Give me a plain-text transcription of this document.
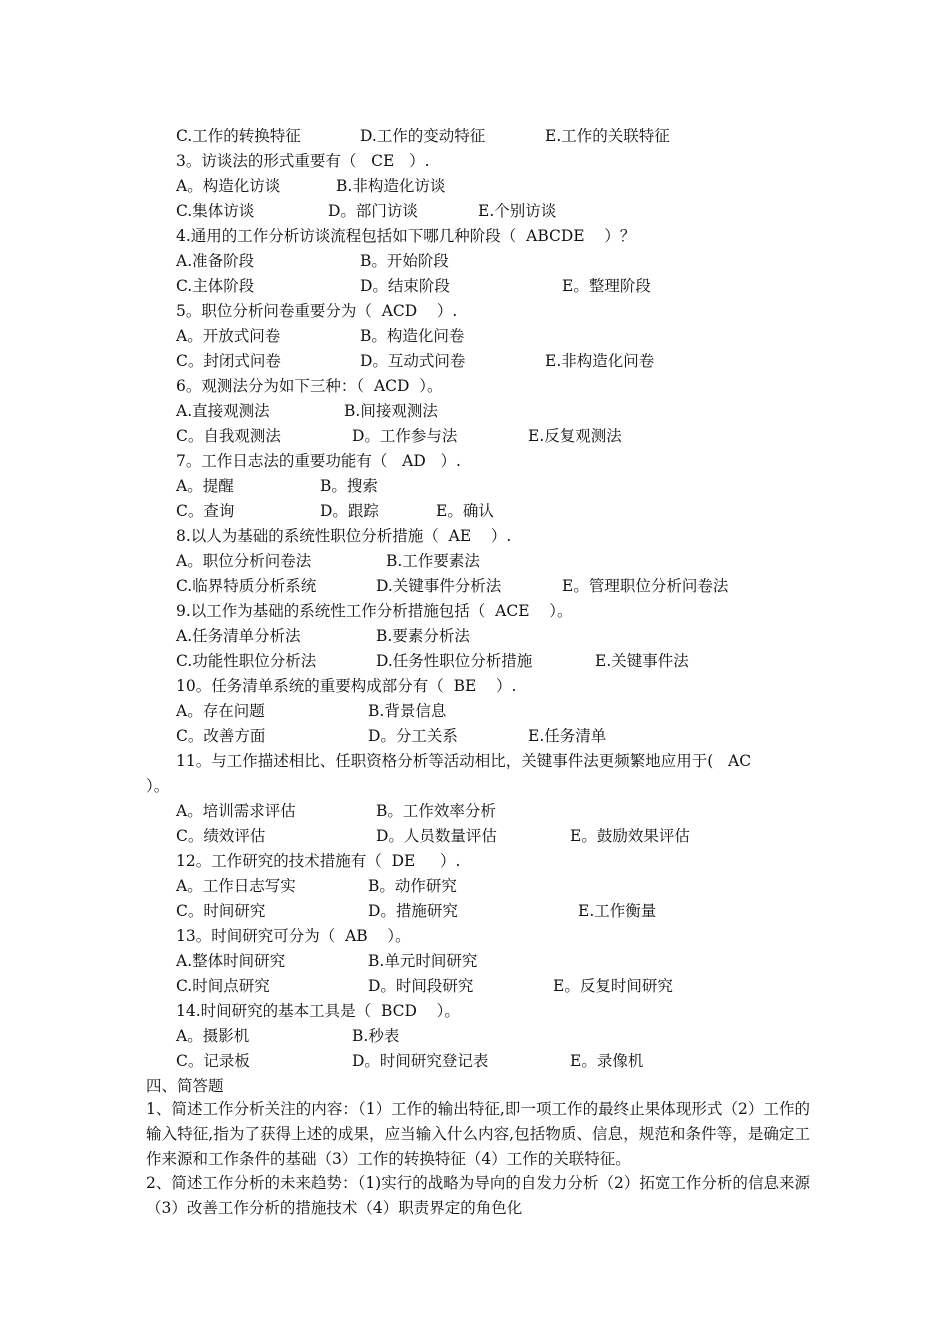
C.工作的转换特征	D.工作的变动特征	E.工作的关联特征
3。访谈法的形式重要有（   CE   ）.
A。构造化访谈	B.非构造化访谈
C.集体访谈	D。部门访谈	E.个别访谈
4.通用的工作分析访谈流程包括如下哪几种阶段（  ABCDE    ）？
A.准备阶段	B。开始阶段
C.主体阶段	D。结束阶段	E。整理阶段
5。职位分析问卷重要分为（  ACD    ）.
A。开放式问卷	B。构造化问卷
C。封闭式问卷	D。互动式问卷	E.非构造化问卷
6。观测法分为如下三种：（  ACD  ）。
A.直接观测法	B.间接观测法
C。自我观测法	D。工作参与法	E.反复观测法
7。工作日志法的重要功能有（   AD   ）.
A。提醒	B。搜索
C。查询	D。跟踪	E。确认
8.以人为基础的系统性职位分析措施（  AE    ）.
A。职位分析问卷法	B.工作要素法
C.临界特质分析系统	D.关键事件分析法	E。管理职位分析问卷法
9.以工作为基础的系统性工作分析措施包括（  ACE    ）。
A.任务清单分析法	B.要素分析法
C.功能性职位分析法	D.任务性职位分析措施	E.关键事件法
10。任务清单系统的重要构成部分有（  BE    ）.
A。存在问题	B.背景信息
C。改善方面	D。分工关系	E.任务清单
11。与工作描述相比、任职资格分析等活动相比，关键事件法更频繁地应用于(   AC
）。
A。培训需求评估	B。工作效率分析
C。绩效评估	D。人员数量评估	E。鼓励效果评估
12。工作研究的技术措施有（  DE     ）.
A。工作日志写实	B。动作研究
C。时间研究	D。措施研究	E.工作衡量
13。时间研究可分为（  AB    ）。
A.整体时间研究	B.单元时间研究
C.时间点研究	D。时间段研究	E。反复时间研究
14.时间研究的基本工具是（  BCD    ）。
A。摄影机	B.秒表
C。记录板	D。时间研究登记表	E。录像机
四、简答题
1、简述工作分析关注的内容：（1）工作的输出特征,即一项工作的最终止果体现形式（2）工作的输入特征,指为了获得上述的成果，应当输入什么内容,包括物质、信息，规范和条件等，是确定工作来源和工作条件的基础（3）工作的转换特征（4）工作的关联特征。
2、简述工作分析的未来趋势：（1)实行的战略为导向的自发力分析（2）拓宽工作分析的信息来源（3）改善工作分析的措施技术（4）职责界定的角色化
